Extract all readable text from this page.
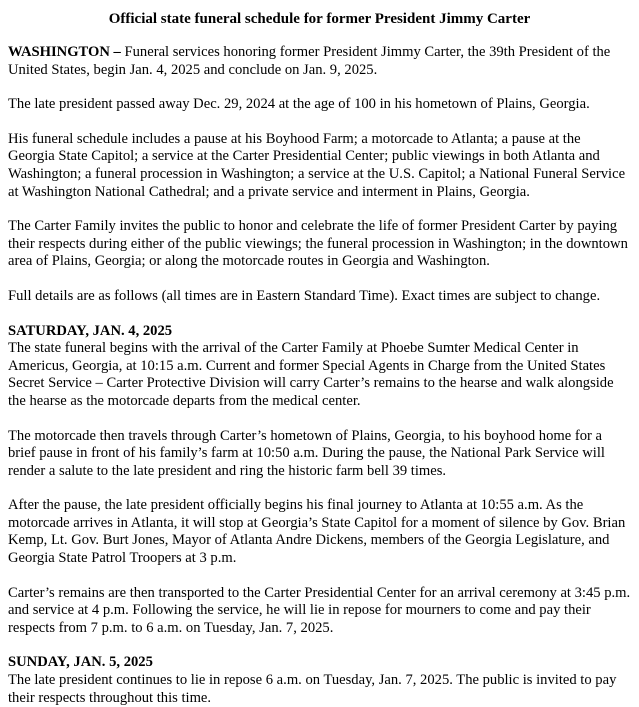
Official state funeral schedule for former President Jimmy Carter

WASHINGTON – Funeral services honoring former President Jimmy Carter, the 39th President of the United States, begin Jan. 4, 2025 and conclude on Jan. 9, 2025.

The late president passed away Dec. 29, 2024 at the age of 100 in his hometown of Plains, Georgia.

His funeral schedule includes a pause at his Boyhood Farm; a motorcade to Atlanta; a pause at the Georgia State Capitol; a service at the Carter Presidential Center; public viewings in both Atlanta and Washington; a funeral procession in Washington; a service at the U.S. Capitol; a National Funeral Service at Washington National Cathedral; and a private service and interment in Plains, Georgia.

The Carter Family invites the public to honor and celebrate the life of former President Carter by paying their respects during either of the public viewings; the funeral procession in Washington; in the downtown area of Plains, Georgia; or along the motorcade routes in Georgia and Washington.

Full details are as follows (all times are in Eastern Standard Time). Exact times are subject to change.

SATURDAY, JAN. 4, 2025

The state funeral begins with the arrival of the Carter Family at Phoebe Sumter Medical Center in Americus, Georgia, at 10:15 a.m. Current and former Special Agents in Charge from the United States Secret Service – Carter Protective Division will carry Carter’s remains to the hearse and walk alongside the hearse as the motorcade departs from the medical center.

The motorcade then travels through Carter’s hometown of Plains, Georgia, to his boyhood home for a brief pause in front of his family’s farm at 10:50 a.m. During the pause, the National Park Service will render a salute to the late president and ring the historic farm bell 39 times.

After the pause, the late president officially begins his final journey to Atlanta at 10:55 a.m. As the motorcade arrives in Atlanta, it will stop at Georgia’s State Capitol for a moment of silence by Gov. Brian Kemp, Lt. Gov. Burt Jones, Mayor of Atlanta Andre Dickens, members of the Georgia Legislature, and Georgia State Patrol Troopers at 3 p.m.

Carter’s remains are then transported to the Carter Presidential Center for an arrival ceremony at 3:45 p.m. and service at 4 p.m. Following the service, he will lie in repose for mourners to come and pay their respects from 7 p.m. to 6 a.m. on Tuesday, Jan. 7, 2025.

SUNDAY, JAN. 5, 2025

The late president continues to lie in repose 6 a.m. on Tuesday, Jan. 7, 2025. The public is invited to pay their respects throughout this time.
